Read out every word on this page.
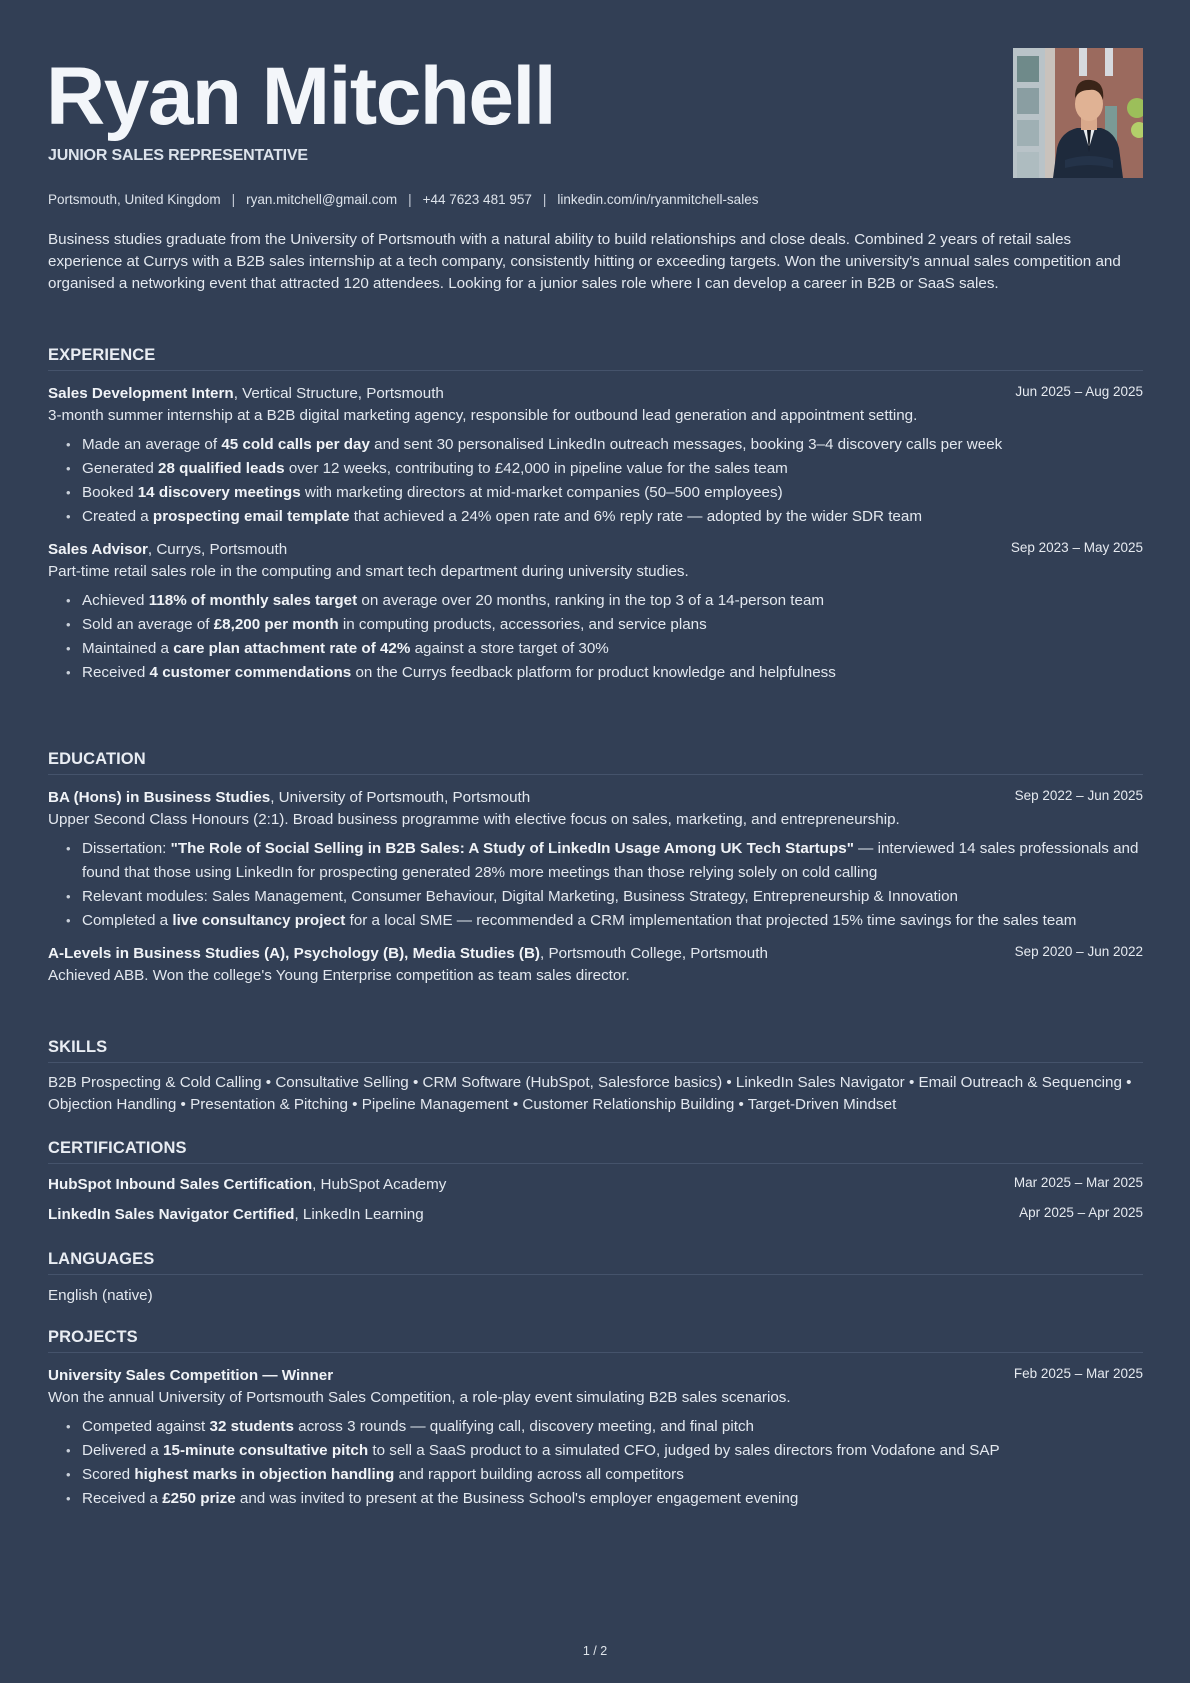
Ryan Mitchell
JUNIOR SALES REPRESENTATIVE
Portsmouth, United Kingdom | ryan.mitchell@gmail.com | +44 7623 481 957 | linkedin.com/in/ryanmitchell-sales
Business studies graduate from the University of Portsmouth with a natural ability to build relationships and close deals. Combined 2 years of retail sales experience at Currys with a B2B sales internship at a tech company, consistently hitting or exceeding targets. Won the university's annual sales competition and organised a networking event that attracted 120 attendees. Looking for a junior sales role where I can develop a career in B2B or SaaS sales.
EXPERIENCE
Sales Development Intern, Vertical Structure, Portsmouth	Jun 2025 – Aug 2025
3-month summer internship at a B2B digital marketing agency, responsible for outbound lead generation and appointment setting.
• Made an average of 45 cold calls per day and sent 30 personalised LinkedIn outreach messages, booking 3–4 discovery calls per week
• Generated 28 qualified leads over 12 weeks, contributing to £42,000 in pipeline value for the sales team
• Booked 14 discovery meetings with marketing directors at mid-market companies (50–500 employees)
• Created a prospecting email template that achieved a 24% open rate and 6% reply rate — adopted by the wider SDR team
Sales Advisor, Currys, Portsmouth	Sep 2023 – May 2025
Part-time retail sales role in the computing and smart tech department during university studies.
• Achieved 118% of monthly sales target on average over 20 months, ranking in the top 3 of a 14-person team
• Sold an average of £8,200 per month in computing products, accessories, and service plans
• Maintained a care plan attachment rate of 42% against a store target of 30%
• Received 4 customer commendations on the Currys feedback platform for product knowledge and helpfulness
EDUCATION
BA (Hons) in Business Studies, University of Portsmouth, Portsmouth	Sep 2022 – Jun 2025
Upper Second Class Honours (2:1). Broad business programme with elective focus on sales, marketing, and entrepreneurship.
• Dissertation: "The Role of Social Selling in B2B Sales: A Study of LinkedIn Usage Among UK Tech Startups" — interviewed 14 sales professionals and found that those using LinkedIn for prospecting generated 28% more meetings than those relying solely on cold calling
• Relevant modules: Sales Management, Consumer Behaviour, Digital Marketing, Business Strategy, Entrepreneurship & Innovation
• Completed a live consultancy project for a local SME — recommended a CRM implementation that projected 15% time savings for the sales team
A-Levels in Business Studies (A), Psychology (B), Media Studies (B), Portsmouth College, Portsmouth	Sep 2020 – Jun 2022
Achieved ABB. Won the college's Young Enterprise competition as team sales director.
SKILLS
B2B Prospecting & Cold Calling • Consultative Selling • CRM Software (HubSpot, Salesforce basics) • LinkedIn Sales Navigator • Email Outreach & Sequencing • Objection Handling • Presentation & Pitching • Pipeline Management • Customer Relationship Building • Target-Driven Mindset
CERTIFICATIONS
HubSpot Inbound Sales Certification, HubSpot Academy	Mar 2025 – Mar 2025
LinkedIn Sales Navigator Certified, LinkedIn Learning	Apr 2025 – Apr 2025
LANGUAGES
English (native)
PROJECTS
University Sales Competition — Winner	Feb 2025 – Mar 2025
Won the annual University of Portsmouth Sales Competition, a role-play event simulating B2B sales scenarios.
• Competed against 32 students across 3 rounds — qualifying call, discovery meeting, and final pitch
• Delivered a 15-minute consultative pitch to sell a SaaS product to a simulated CFO, judged by sales directors from Vodafone and SAP
• Scored highest marks in objection handling and rapport building across all competitors
• Received a £250 prize and was invited to present at the Business School's employer engagement evening
1 / 2
